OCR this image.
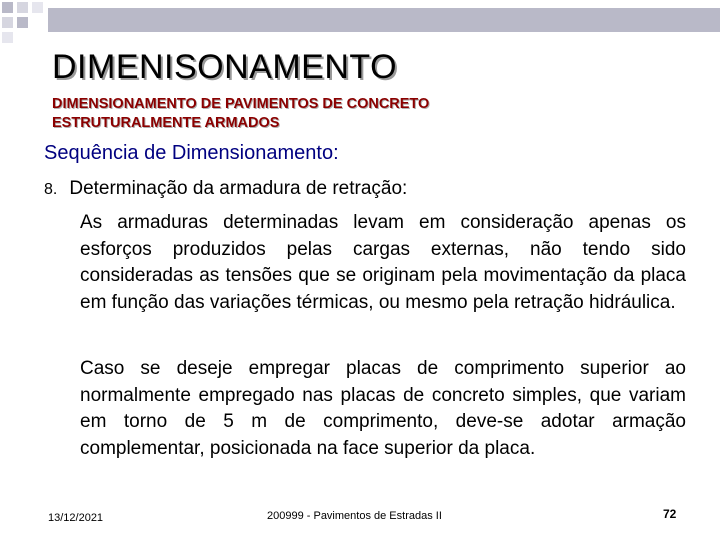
DIMENISONAMENTO
DIMENSIONAMENTO DE PAVIMENTOS DE CONCRETO
ESTRUTURALMENTE ARMADOS
Sequência de Dimensionamento:

8. Determinação da armadura de retração:

As armaduras determinadas levam em consideração apenas os esforços produzidos pelas cargas externas, não tendo sido consideradas as tensões que se originam pela movimentação da placa em função das variações térmicas, ou mesmo pela retração hidráulica.

Caso se deseje empregar placas de comprimento superior ao normalmente empregado nas placas de concreto simples, que variam em torno de 5 m de comprimento, deve-se adotar armação complementar, posicionada na face superior da placa.

13/12/2021	200999 - Pavimentos de Estradas II	72
